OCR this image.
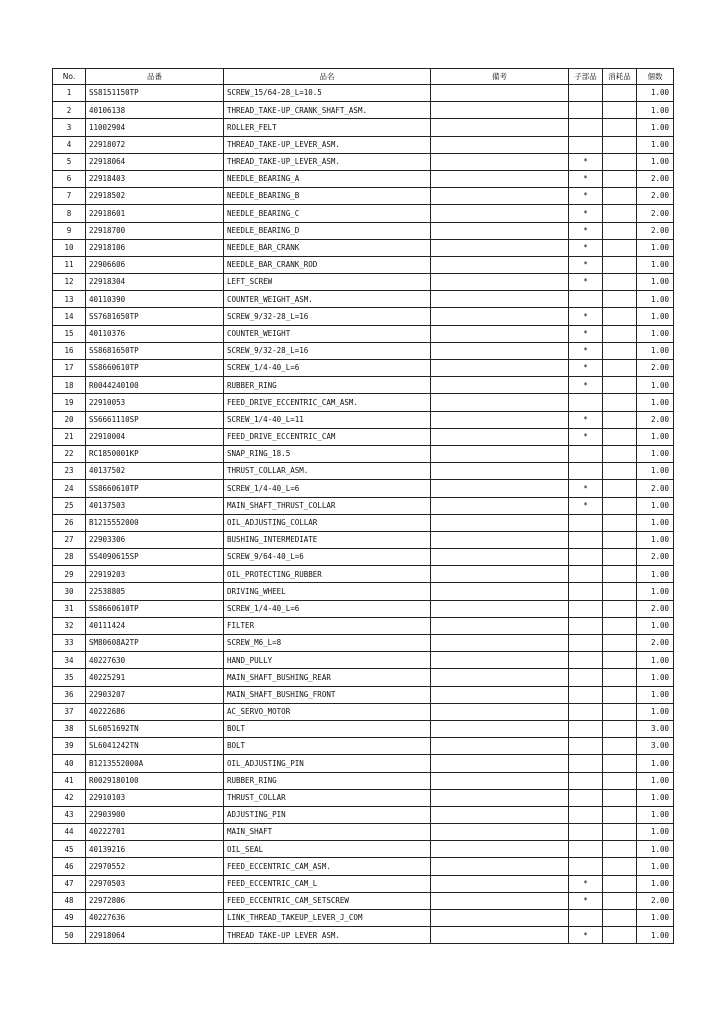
No.	品番	品名	備考	子部品	消耗品	個数
1	SS8151150TP	SCREW_15/64-28_L=10.5				1.00
2	40106138	THREAD_TAKE-UP_CRANK_SHAFT_ASM.				1.00
3	11002904	ROLLER_FELT				1.00
4	22918072	THREAD_TAKE-UP_LEVER_ASM.				1.00
5	22918064	THREAD_TAKE-UP_LEVER_ASM.		*		1.00
6	22918403	NEEDLE_BEARING_A		*		2.00
7	22918502	NEEDLE_BEARING_B		*		2.00
8	22918601	NEEDLE_BEARING_C		*		2.00
9	22918700	NEEDLE_BEARING_D		*		2.00
10	22918106	NEEDLE_BAR_CRANK		*		1.00
11	22906606	NEEDLE_BAR_CRANK_ROD		*		1.00
12	22918304	LEFT_SCREW		*		1.00
13	40110390	COUNTER_WEIGHT_ASM.				1.00
14	SS7681650TP	SCREW_9/32-28_L=16		*		1.00
15	40110376	COUNTER_WEIGHT		*		1.00
16	SS8681650TP	SCREW_9/32-28_L=16		*		1.00
17	SS8660610TP	SCREW_1/4-40_L=6		*		2.00
18	R0044240100	RUBBER_RING		*		1.00
19	22910053	FEED_DRIVE_ECCENTRIC_CAM_ASM.				1.00
20	SS6661110SP	SCREW_1/4-40_L=11		*		2.00
21	22910004	FEED_DRIVE_ECCENTRIC_CAM		*		1.00
22	RC1850001KP	SNAP_RING_18.5				1.00
23	40137502	THRUST_COLLAR_ASM.				1.00
24	SS8660610TP	SCREW_1/4-40_L=6		*		2.00
25	40137503	MAIN_SHAFT_THRUST_COLLAR		*		1.00
26	B1215552000	OIL_ADJUSTING_COLLAR				1.00
27	22903306	BUSHING_INTERMEDIATE				1.00
28	SS4090615SP	SCREW_9/64-40_L=6				2.00
29	22919203	OIL_PROTECTING_RUBBER				1.00
30	22538805	DRIVING_WHEEL				1.00
31	SS8660610TP	SCREW_1/4-40_L=6				2.00
32	40111424	FILTER				1.00
33	SM80608A2TP	SCREW_M6_L=8				2.00
34	40227630	HAND_PULLY				1.00
35	40225291	MAIN_SHAFT_BUSHING_REAR				1.00
36	22903207	MAIN_SHAFT_BUSHING_FRONT				1.00
37	40222686	AC_SERVO_MOTOR				1.00
38	SL6051692TN	BOLT				3.00
39	SL6041242TN	BOLT				3.00
40	B1213552000A	OIL_ADJUSTING_PIN				1.00
41	R0029180100	RUBBER_RING				1.00
42	22910103	THRUST_COLLAR				1.00
43	22903900	ADJUSTING_PIN				1.00
44	40222701	MAIN_SHAFT				1.00
45	40139216	OIL_SEAL				1.00
46	22970552	FEED_ECCENTRIC_CAM_ASM.				1.00
47	22970503	FEED_ECCENTRIC_CAM_L		*		1.00
48	22972806	FEED_ECCENTRIC_CAM_SETSCREW		*		2.00
49	40227636	LINK_THREAD_TAKEUP_LEVER_J_COM				1.00
50	22918064	THREAD TAKE-UP LEVER ASM.		*		1.00
